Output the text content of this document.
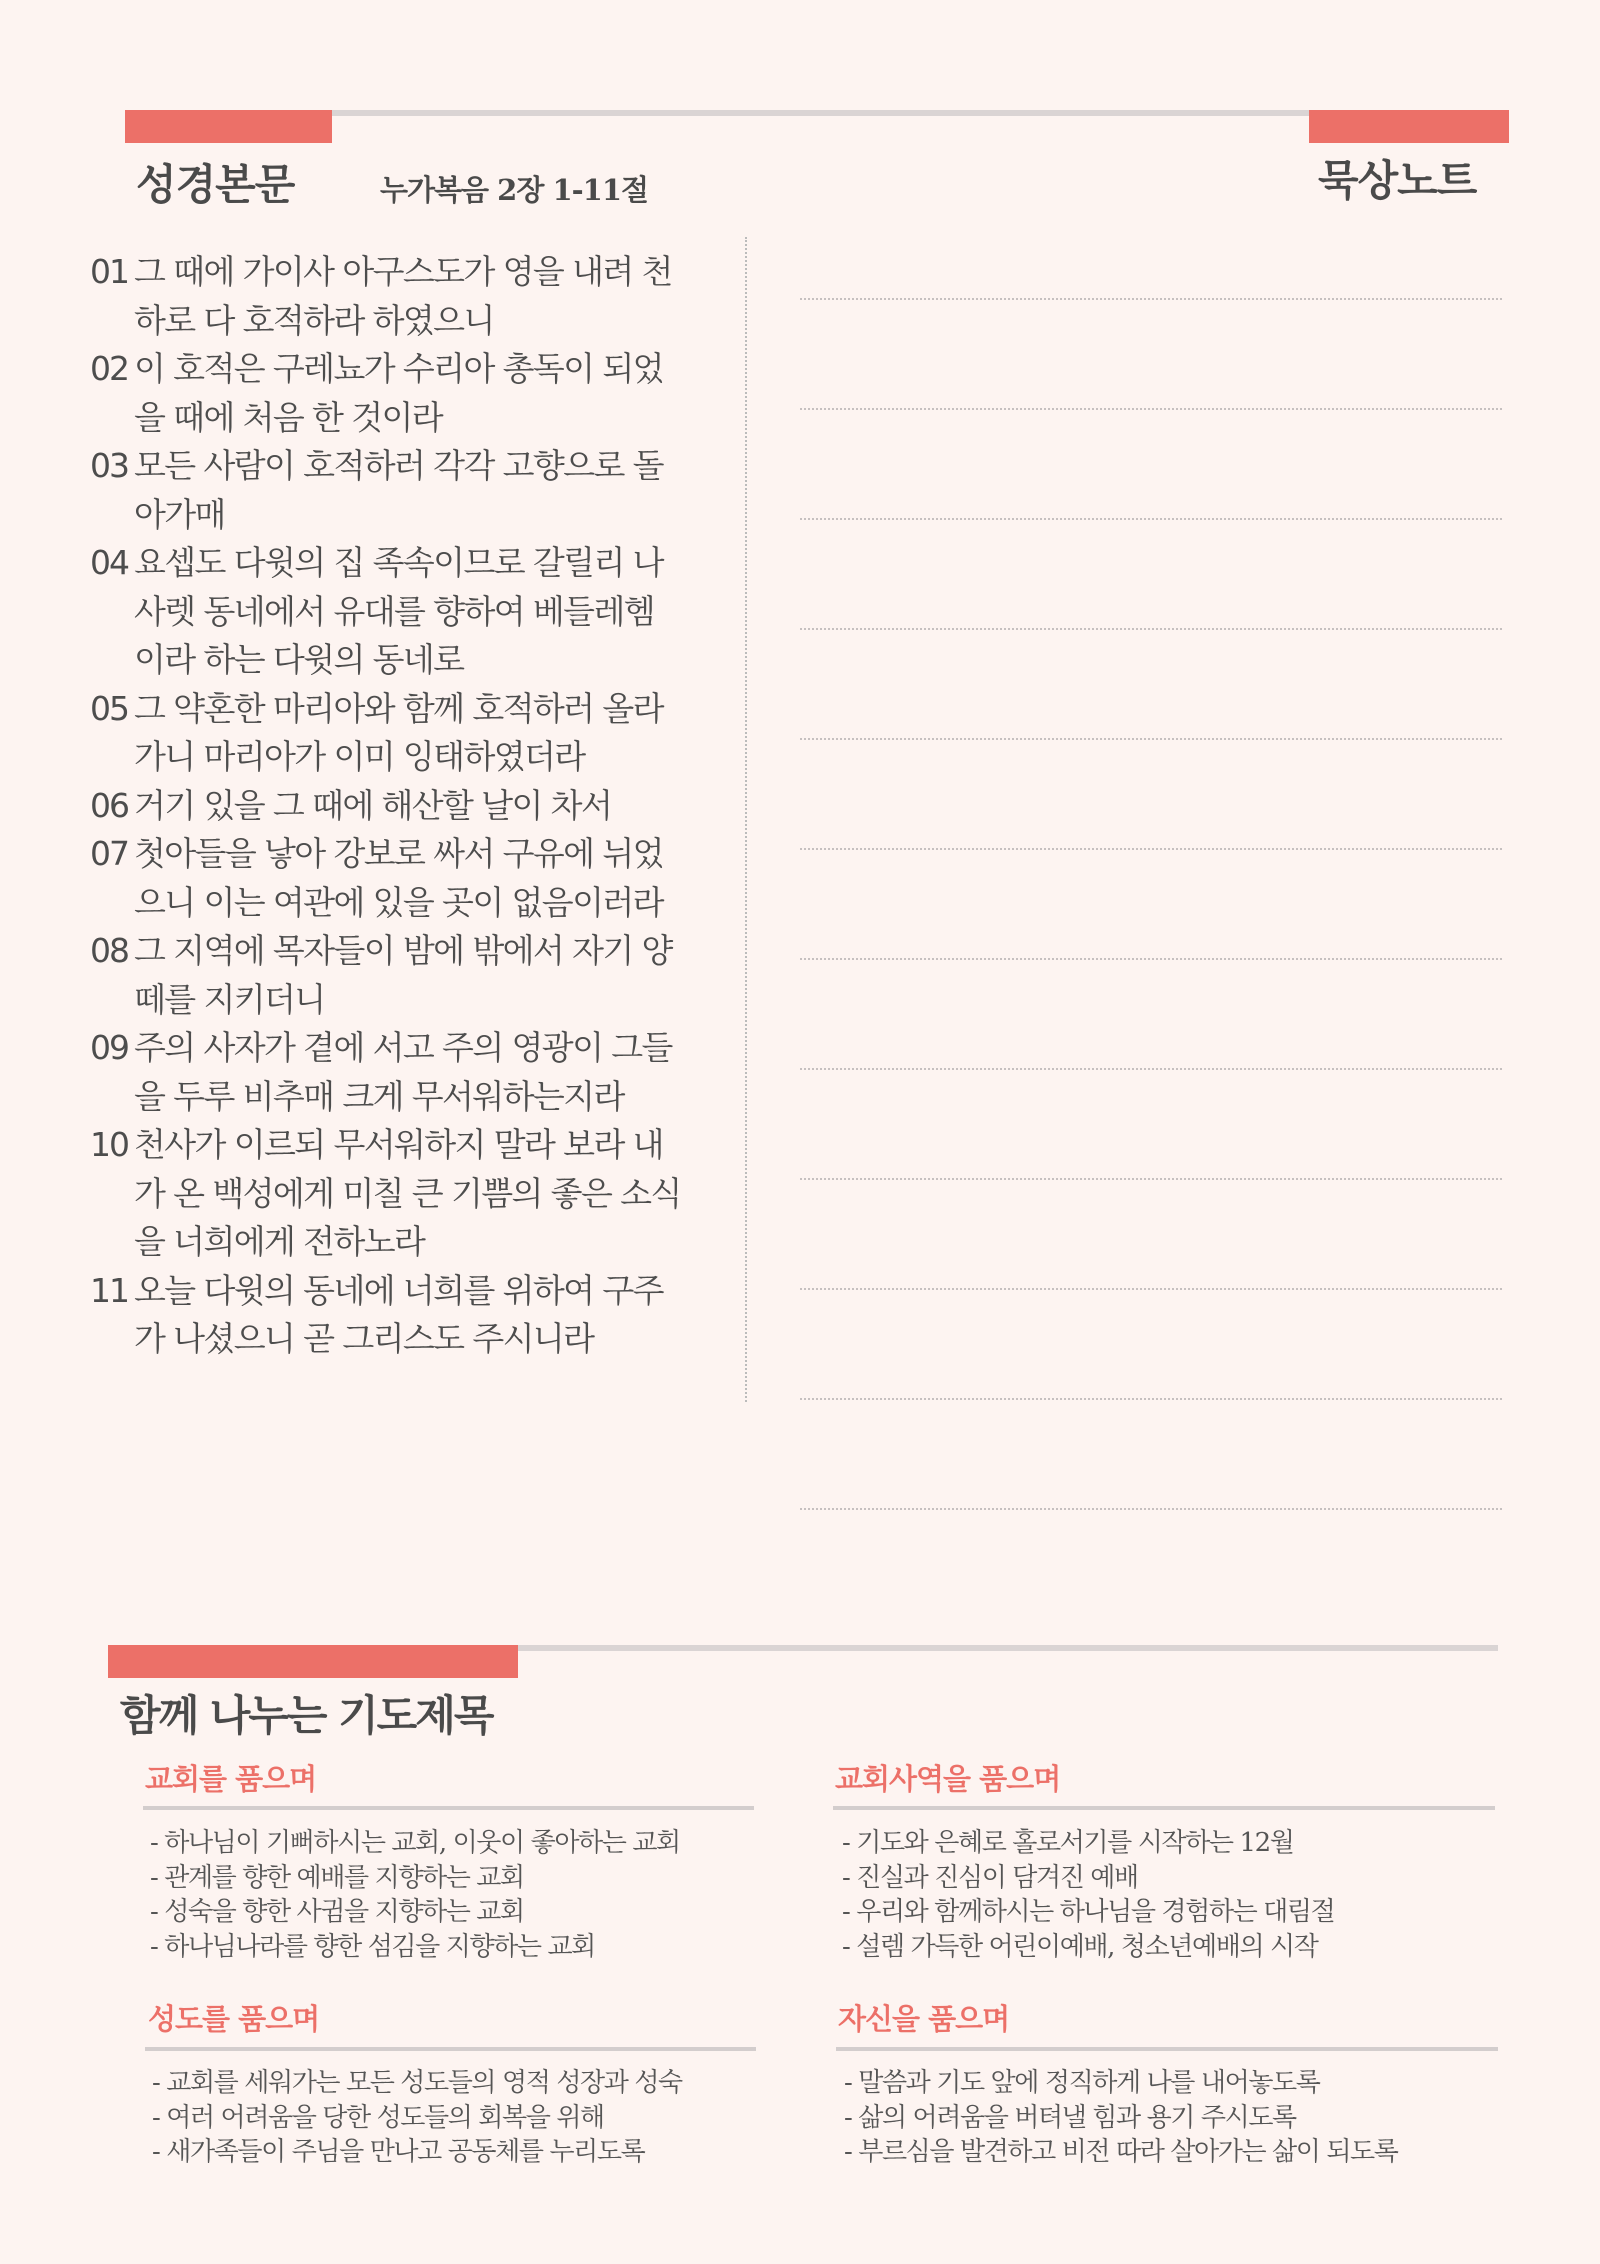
성경본문	누가복음 2장 1-11절	묵상노트
01 그 때에 가이사 아구스도가 영을 내려 천
하로 다 호적하라 하였으니
02 이 호적은 구레뇨가 수리아 총독이 되었
을 때에 처음 한 것이라
03 모든 사람이 호적하러 각각 고향으로 돌
아가매
04 요셉도 다윗의 집 족속이므로 갈릴리 나
사렛 동네에서 유대를 향하여 베들레헴
이라 하는 다윗의 동네로
05 그 약혼한 마리아와 함께 호적하러 올라
가니 마리아가 이미 잉태하였더라
06 거기 있을 그 때에 해산할 날이 차서
07 첫아들을 낳아 강보로 싸서 구유에 뉘었
으니 이는 여관에 있을 곳이 없음이러라
08 그 지역에 목자들이 밤에 밖에서 자기 양
떼를 지키더니
09 주의 사자가 곁에 서고 주의 영광이 그들
을 두루 비추매 크게 무서워하는지라
10 천사가 이르되 무서워하지 말라 보라 내
가 온 백성에게 미칠 큰 기쁨의 좋은 소식
을 너희에게 전하노라
11 오늘 다윗의 동네에 너희를 위하여 구주
가 나셨으니 곧 그리스도 주시니라
함께 나누는 기도제목
교회를 품으며
- 하나님이 기뻐하시는 교회, 이웃이 좋아하는 교회
- 관계를 향한 예배를 지향하는 교회
- 성숙을 향한 사귐을 지향하는 교회
- 하나님나라를 향한 섬김을 지향하는 교회
교회사역을 품으며
- 기도와 은혜로 홀로서기를 시작하는 12월
- 진실과 진심이 담겨진 예배
- 우리와 함께하시는 하나님을 경험하는 대림절
- 설렘 가득한 어린이예배, 청소년예배의 시작
성도를 품으며
- 교회를 세워가는 모든 성도들의 영적 성장과 성숙
- 여러 어려움을 당한 성도들의 회복을 위해
- 새가족들이 주님을 만나고 공동체를 누리도록
자신을 품으며
- 말씀과 기도 앞에 정직하게 나를 내어놓도록
- 삶의 어려움을 버텨낼 힘과 용기 주시도록
- 부르심을 발견하고 비전 따라 살아가는 삶이 되도록
